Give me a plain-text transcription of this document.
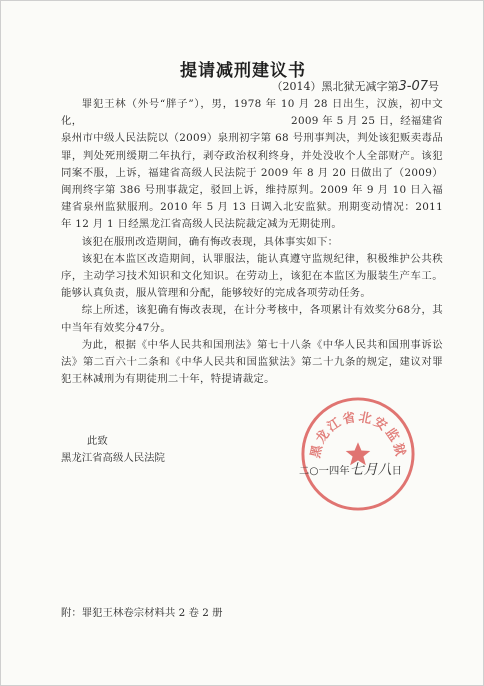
提请减刑建议书
（2014）黑北狱无减字第3-07号

罪犯王林（外号“胖子”），男，1978 年 10 月 28 日出生，汉族，初中文化，　　　　　　　　　　　　　　　　　　　　2009 年 5 月 25 日，经福建省泉州市中级人民法院以（2009）泉刑初字第 68 号刑事判决，判处该犯贩卖毒品罪，判处死刑缓期二年执行，剥夺政治权利终身，并处没收个人全部财产。该犯同案不服，上诉，福建省高级人民法院于 2009 年 8 月 20 日做出了（2009）闽刑终字第 386 号刑事裁定，驳回上诉，维持原判。2009 年 9 月 10 日入福建省泉州监狱服刑。2010 年 5 月 13 日调入北安监狱。刑期变动情况：2011 年 12 月 1 日经黑龙江省高级人民法院裁定减为无期徒刑。

该犯在服刑改造期间，确有悔改表现，具体事实如下：

该犯在本监区改造期间，认罪服法，能认真遵守监规纪律，积极维护公共秩序，主动学习技术知识和文化知识。在劳动上，该犯在本监区为服装生产车工。能够认真负责，服从管理和分配，能够较好的完成各项劳动任务。

综上所述，该犯确有悔改表现，在计分考核中，各项累计有效奖分68分，其中当年有效奖分47分。

为此，根据《中华人民共和国刑法》第七十八条《中华人民共和国刑事诉讼法》第二百六十二条和《中华人民共和国监狱法》第二十九条的规定，建议对罪犯王林减刑为有期徒刑二十年，特提请裁定。

此致
黑龙江省高级人民法院	黑龙江省北安监狱
二○一四年七月八日
附：罪犯王林卷宗材料共 2 卷 2 册
